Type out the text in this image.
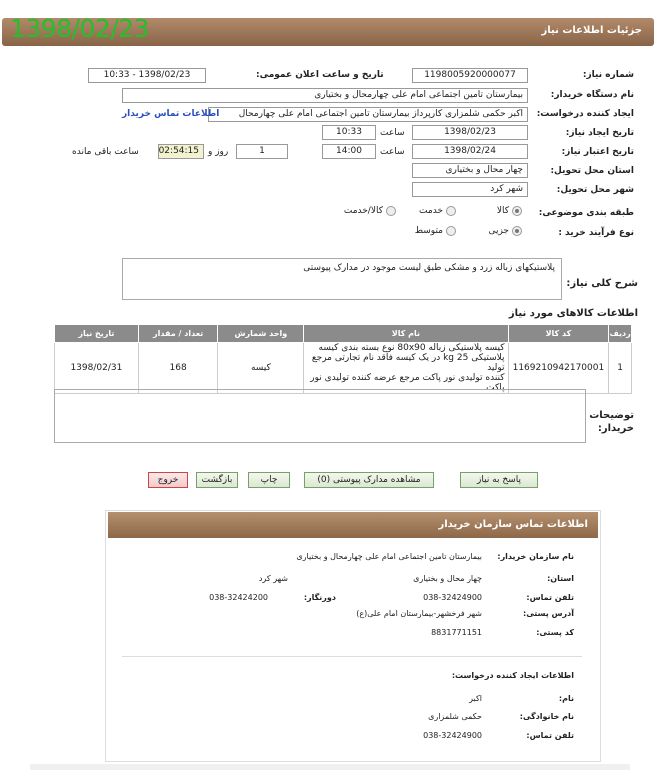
1398/02/23	جزئیات اطلاعات نیاز
شماره نیاز:
1198005920000077
تاریخ و ساعت اعلان عمومی:
1398/02/23 - 10:33
نام دستگاه خریدار:
بیمارستان تامین اجتماعی امام علی چهارمحال و بختیاری
ایجاد کننده درخواست:
اکبر حکمی شلمزاری کارپرداز بیمارستان تامین اجتماعی امام علی چهارمحال
اطلاعات تماس خریدار
تاریخ ایجاد نیاز:
1398/02/23
ساعت
10:33
تاریخ اعتبار نیاز:
1398/02/24
ساعت
14:00
1
روز و
02:54:15
ساعت باقی مانده
استان محل تحویل:
چهار محال و بختیاری
شهر محل تحویل:
شهر کرد
طبقه بندی موضوعی:
کالا
خدمت
کالا/خدمت
نوع فرآیند خرید :
جزیی
متوسط
شرح کلی نیاز:
پلاستیکهای زباله زرد و مشکی طبق لیست موجود در مدارک پیوستی
اطلاعات کالاهای مورد نیاز
ردیف	کد کالا	نام کالا	واحد شمارش	تعداد / مقدار	تاریخ نیاز
1	1169210942170001	کیسه پلاستیکی زباله 80x90 نوع بسته بندی کیسه
پلاستیکی 25 kg در یک کیسه فاقد نام تجارتی مرجع تولید
کننده تولیدی نور پاکت مرجع عرضه کننده تولیدی نور پاکت	کیسه	168	1398/02/31
توضیحات
خریدار:
پاسخ به نیاز
مشاهده مدارک پیوستی (0)
چاپ
بازگشت
خروج
اطلاعات تماس سازمان خریدار
نام سازمان خریدار:
بیمارستان تامین اجتماعی امام علی چهارمحال و بختیاری
استان:
چهار محال و بختیاری
شهر کرد
تلفن تماس:
038-32424900
دورنگار:
038-32424200
آدرس پستی:
شهر فرخشهر-بیمارستان امام علی(ع)
کد پستی:
8831771151
اطلاعات ایجاد کننده درخواست:
نام:
اکبر
نام خانوادگی:
حکمی شلمزاری
تلفن تماس:
038-32424900
